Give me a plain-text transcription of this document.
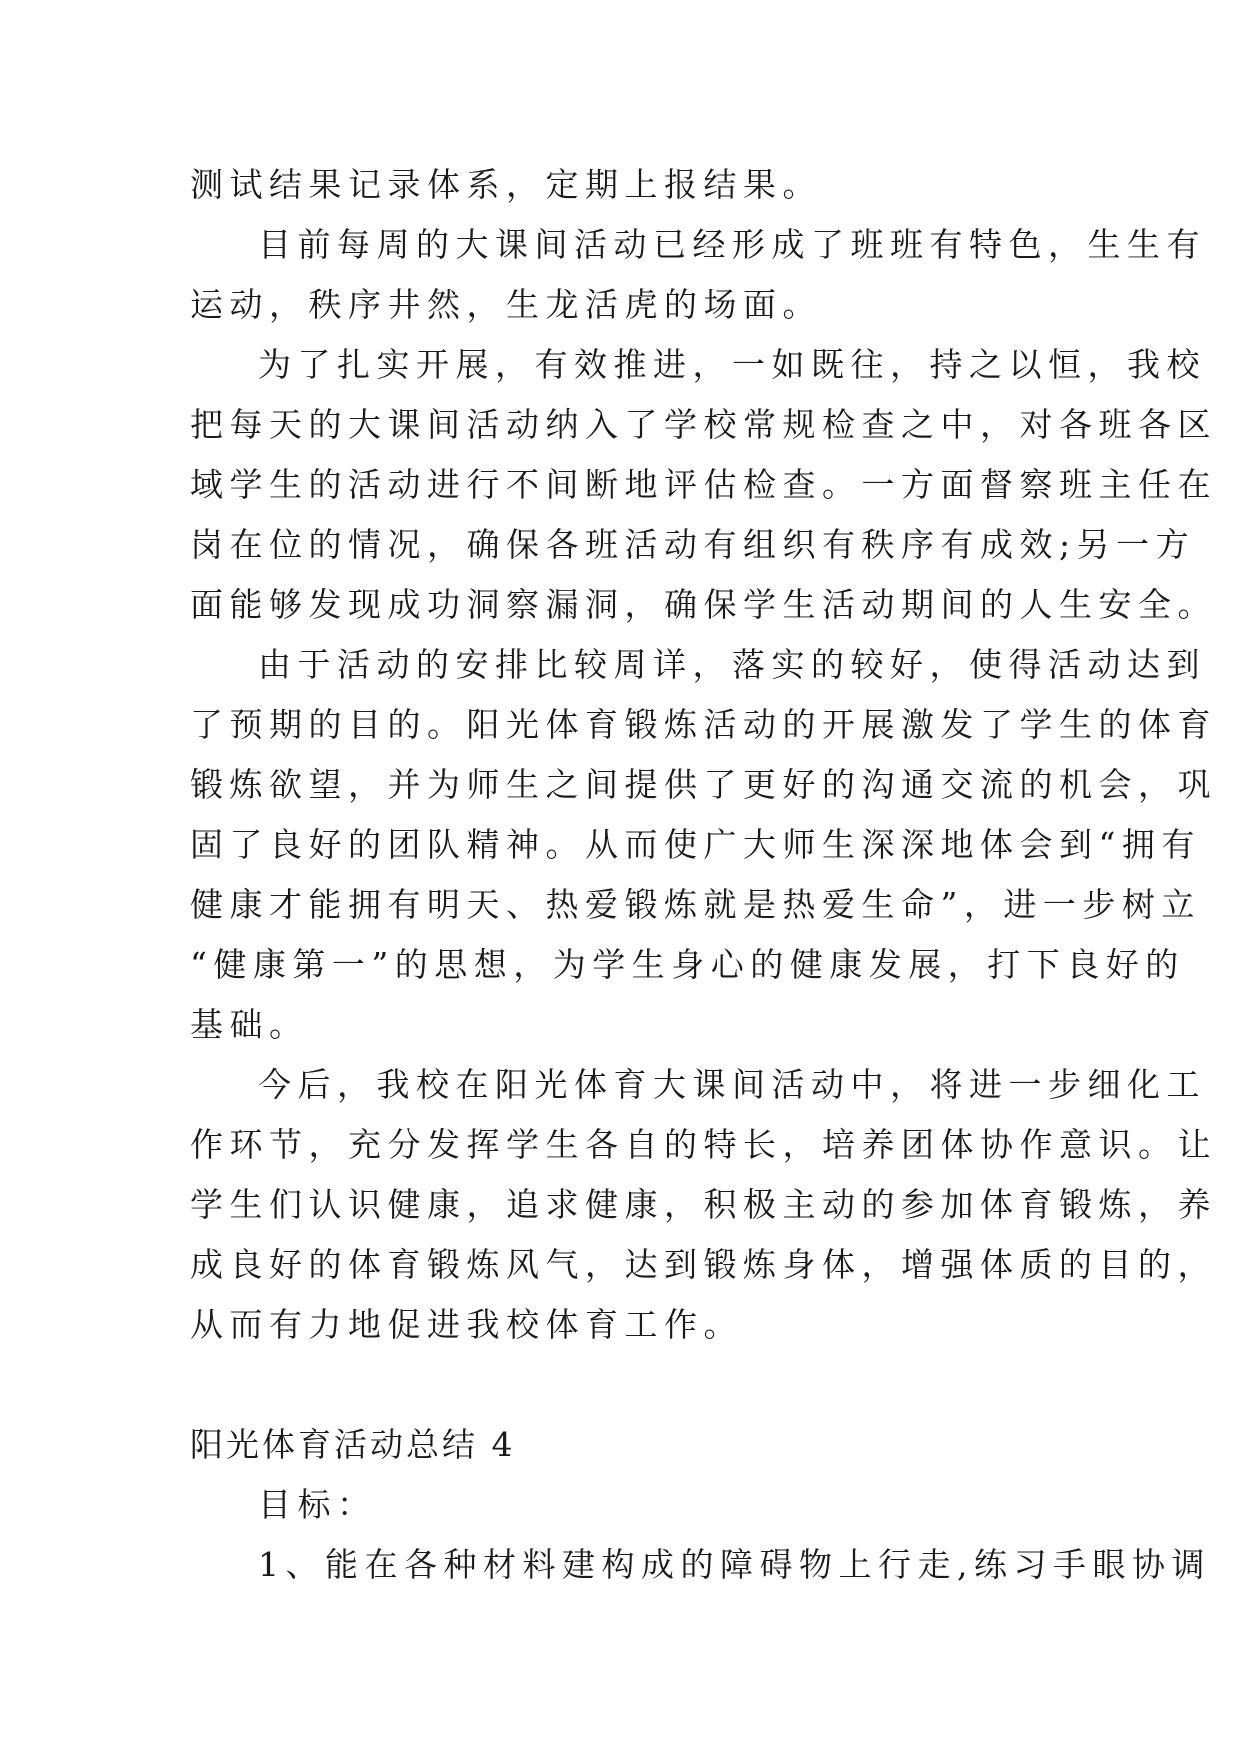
测试结果记录体系，定期上报结果。

目前每周的大课间活动已经形成了班班有特色，生生有

运动，秩序井然，生龙活虎的场面。

为了扎实开展，有效推进，一如既往，持之以恒，我校

把每天的大课间活动纳入了学校常规检查之中，对各班各区

域学生的活动进行不间断地评估检查。一方面督察班主任在

岗在位的情况，确保各班活动有组织有秩序有成效;另一方

面能够发现成功洞察漏洞，确保学生活动期间的人生安全。

由于活动的安排比较周详，落实的较好，使得活动达到

了预期的目的。阳光体育锻炼活动的开展激发了学生的体育

锻炼欲望，并为师生之间提供了更好的沟通交流的机会，巩

固了良好的团队精神。从而使广大师生深深地体会到“拥有

健康才能拥有明天、热爱锻炼就是热爱生命”，进一步树立

“健康第一”的思想，为学生身心的健康发展，打下良好的

基础。

今后，我校在阳光体育大课间活动中，将进一步细化工

作环节，充分发挥学生各自的特长，培养团体协作意识。让

学生们认识健康，追求健康，积极主动的参加体育锻炼，养

成良好的体育锻炼风气，达到锻炼身体，增强体质的目的，

从而有力地促进我校体育工作。

阳光体育活动总结 4

目标：

1、能在各种材料建构成的障碍物上行走,练习手眼协调
